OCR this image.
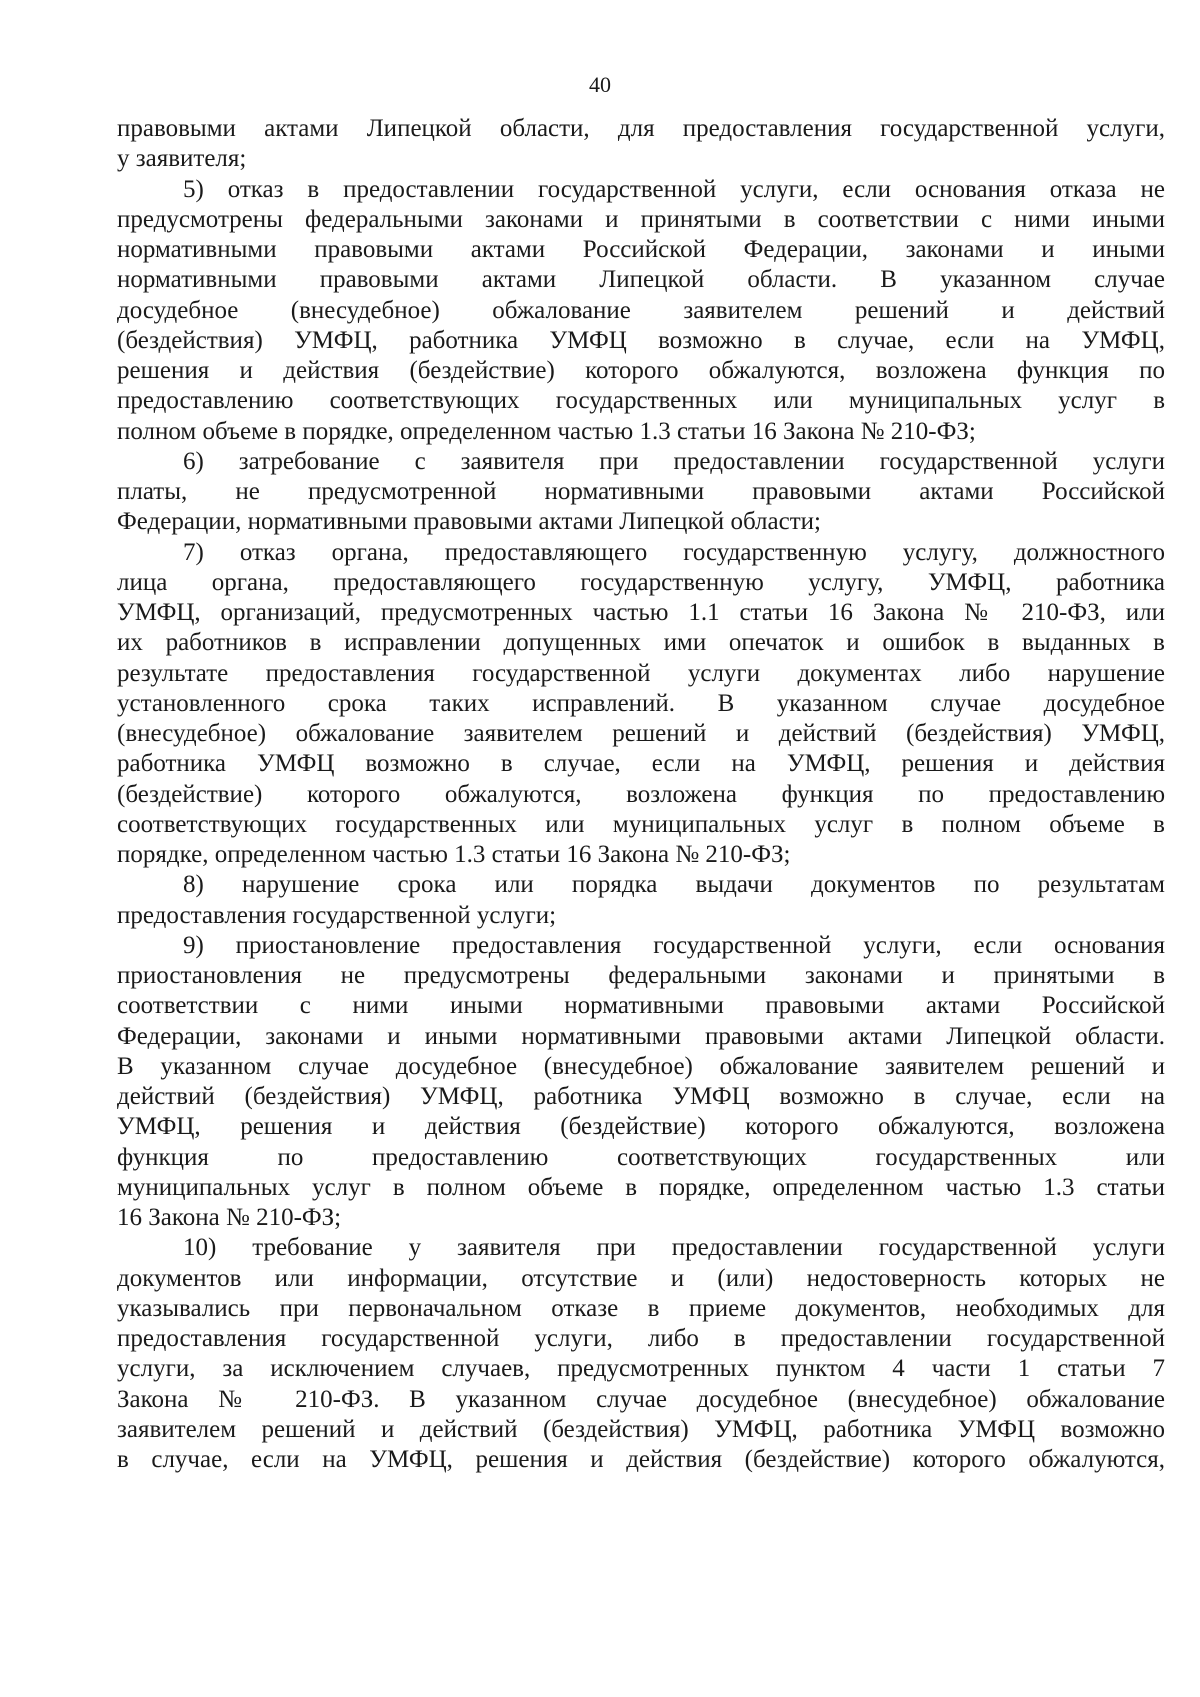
40
правовыми актами Липецкой области, для предоставления государственной услуги,
у заявителя;
5) отказ в предоставлении государственной услуги, если основания отказа не
предусмотрены федеральными законами и принятыми в соответствии с ними иными
нормативными правовыми актами Российской Федерации, законами и иными
нормативными правовыми актами Липецкой области. В указанном случае
досудебное (внесудебное) обжалование заявителем решений и действий
(бездействия) УМФЦ, работника УМФЦ возможно в случае, если на УМФЦ,
решения и действия (бездействие) которого обжалуются, возложена функция по
предоставлению соответствующих государственных или муниципальных услуг в
полном объеме в порядке, определенном частью 1.3 статьи 16 Закона № 210-ФЗ;
6) затребование с заявителя при предоставлении государственной услуги
платы, не предусмотренной нормативными правовыми актами Российской
Федерации, нормативными правовыми актами Липецкой области;
7) отказ органа, предоставляющего государственную услугу, должностного
лица органа, предоставляющего государственную услугу, УМФЦ, работника
УМФЦ, организаций, предусмотренных частью 1.1 статьи 16 Закона № 210-ФЗ, или
их работников в исправлении допущенных ими опечаток и ошибок в выданных в
результате предоставления государственной услуги документах либо нарушение
установленного срока таких исправлений. В указанном случае досудебное
(внесудебное) обжалование заявителем решений и действий (бездействия) УМФЦ,
работника УМФЦ возможно в случае, если на УМФЦ, решения и действия
(бездействие) которого обжалуются, возложена функция по предоставлению
соответствующих государственных или муниципальных услуг в полном объеме в
порядке, определенном частью 1.3 статьи 16 Закона № 210-ФЗ;
8) нарушение срока или порядка выдачи документов по результатам
предоставления государственной услуги;
9) приостановление предоставления государственной услуги, если основания
приостановления не предусмотрены федеральными законами и принятыми в
соответствии с ними иными нормативными правовыми актами Российской
Федерации, законами и иными нормативными правовыми актами Липецкой области.
В указанном случае досудебное (внесудебное) обжалование заявителем решений и
действий (бездействия) УМФЦ, работника УМФЦ возможно в случае, если на
УМФЦ, решения и действия (бездействие) которого обжалуются, возложена
функция по предоставлению соответствующих государственных или
муниципальных услуг в полном объеме в порядке, определенном частью 1.3 статьи
16 Закона № 210-ФЗ;
10) требование у заявителя при предоставлении государственной услуги
документов или информации, отсутствие и (или) недостоверность которых не
указывались при первоначальном отказе в приеме документов, необходимых для
предоставления государственной услуги, либо в предоставлении государственной
услуги, за исключением случаев, предусмотренных пунктом 4 части 1 статьи 7
Закона № 210-ФЗ. В указанном случае досудебное (внесудебное) обжалование
заявителем решений и действий (бездействия) УМФЦ, работника УМФЦ возможно
в случае, если на УМФЦ, решения и действия (бездействие) которого обжалуются,
